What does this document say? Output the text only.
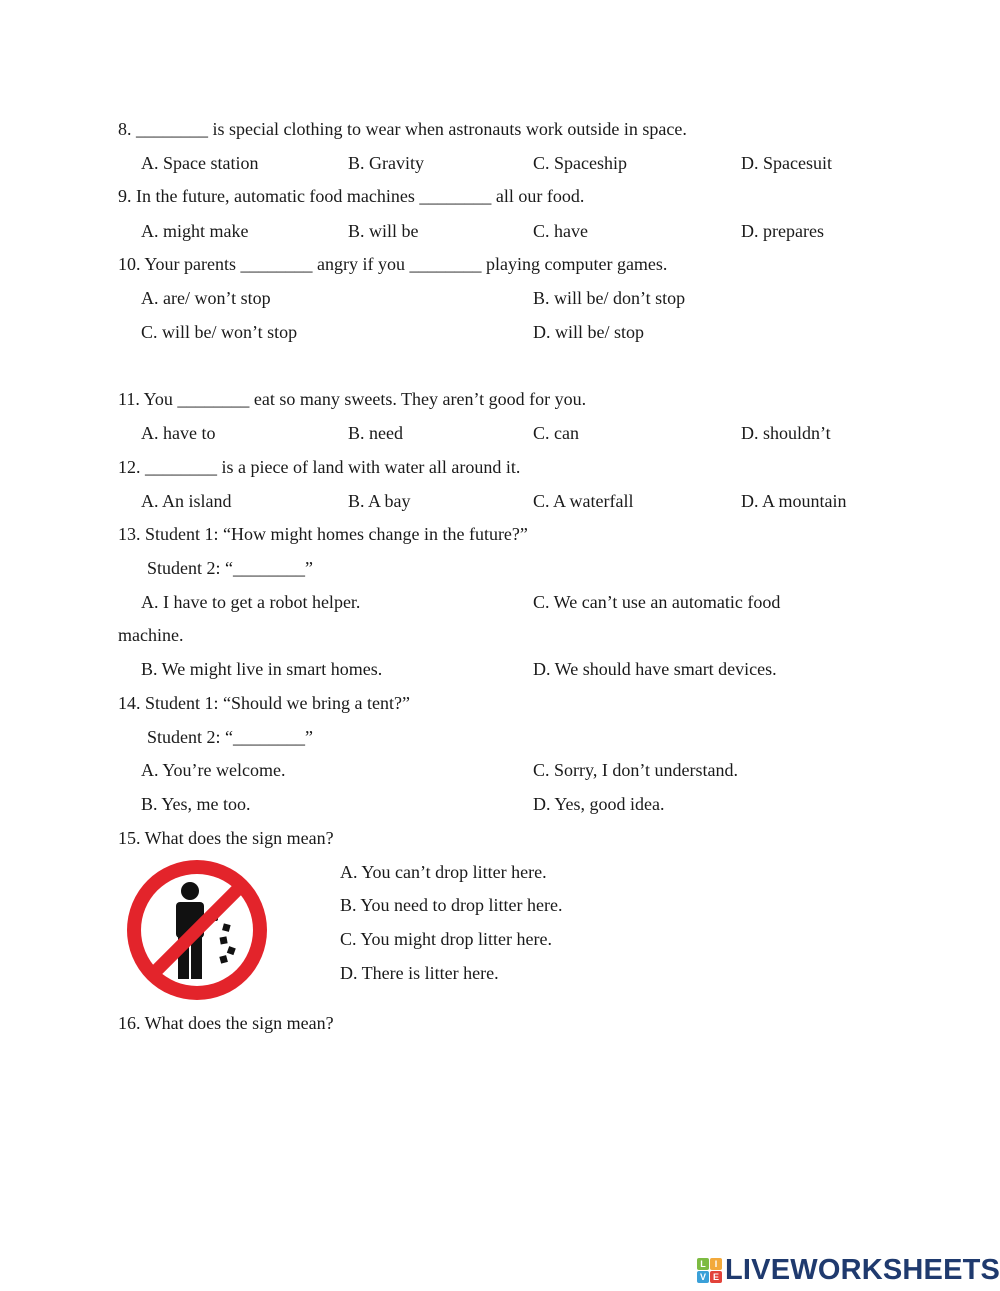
8. ________ is special clothing to wear when astronauts work outside in space.
A. Space station	B. Gravity	C. Spaceship	D. Spacesuit
9. In the future, automatic food machines ________ all our food.
A. might make	B. will be	C. have	D. prepares
10. Your parents ________ angry if you ________ playing computer games.
A. are/ won’t stop	B. will be/ don’t stop
C. will be/ won’t stop	D. will be/ stop
11. You ________ eat so many sweets. They aren’t good for you.
A. have to	B. need	C. can	D. shouldn’t
12. ________ is a piece of land with water all around it.
A. An island	B. A bay	C. A waterfall	D. A mountain
13. Student 1: “How might homes change in the future?”
Student 2: “________”
A. I have to get a robot helper.	C. We can’t use an automatic food
machine.
B. We might live in smart homes.	D. We should have smart devices.
14. Student 1: “Should we bring a tent?”
Student 2: “________”
A. You’re welcome.	C. Sorry, I don’t understand.
B. Yes, me too.	D. Yes, good idea.
15. What does the sign mean?
A. You can’t drop litter here.
B. You need to drop litter here.
C. You might drop litter here.
D. There is litter here.
16. What does the sign mean?
L I
V E LIVEWORKSHEETS
